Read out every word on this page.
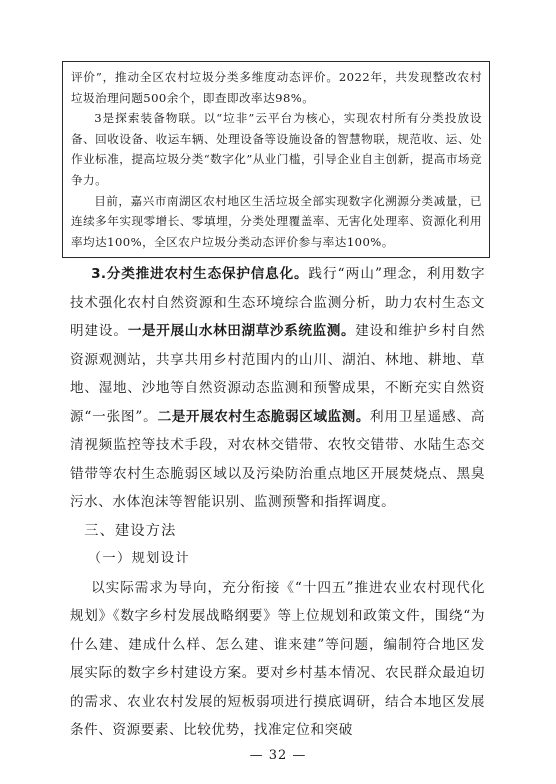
评价”，推动全区农村垃圾分类多维度动态评价。2022年，共发现整改农村垃圾治理问题500余个，即查即改率达98%。

3是探索装备物联。以“垃非”云平台为核心，实现农村所有分类投放设备、回收设备、收运车辆、处理设备等设施设备的智慧物联，规范收、运、处作业标准，提高垃圾分类“数字化”从业门槛，引导企业自主创新，提高市场竞争力。

目前，嘉兴市南湖区农村地区生活垃圾全部实现数字化溯源分类减量，已连续多年实现零增长、零填埋，分类处理覆盖率、无害化处理率、资源化利用率均达100%，全区农户垃圾分类动态评价参与率达100%。

3.分类推进农村生态保护信息化。践行“两山”理念，利用数字技术强化农村自然资源和生态环境综合监测分析，助力农村生态文明建设。一是开展山水林田湖草沙系统监测。建设和维护乡村自然资源观测站，共享共用乡村范围内的山川、湖泊、林地、耕地、草地、湿地、沙地等自然资源动态监测和预警成果，不断充实自然资源“一张图”。二是开展农村生态脆弱区域监测。利用卫星遥感、高清视频监控等技术手段，对农林交错带、农牧交错带、水陆生态交错带等农村生态脆弱区域以及污染防治重点地区开展焚烧点、黑臭污水、水体泡沫等智能识别、监测预警和指挥调度。

三、建设方法

（一）规划设计

以实际需求为导向，充分衔接《“十四五”推进农业农村现代化规划》《数字乡村发展战略纲要》等上位规划和政策文件，围绕“为什么建、建成什么样、怎么建、谁来建”等问题，编制符合地区发展实际的数字乡村建设方案。要对乡村基本情况、农民群众最迫切的需求、农业农村发展的短板弱项进行摸底调研，结合本地区发展条件、资源要素、比较优势，找准定位和突破

— 32 —
